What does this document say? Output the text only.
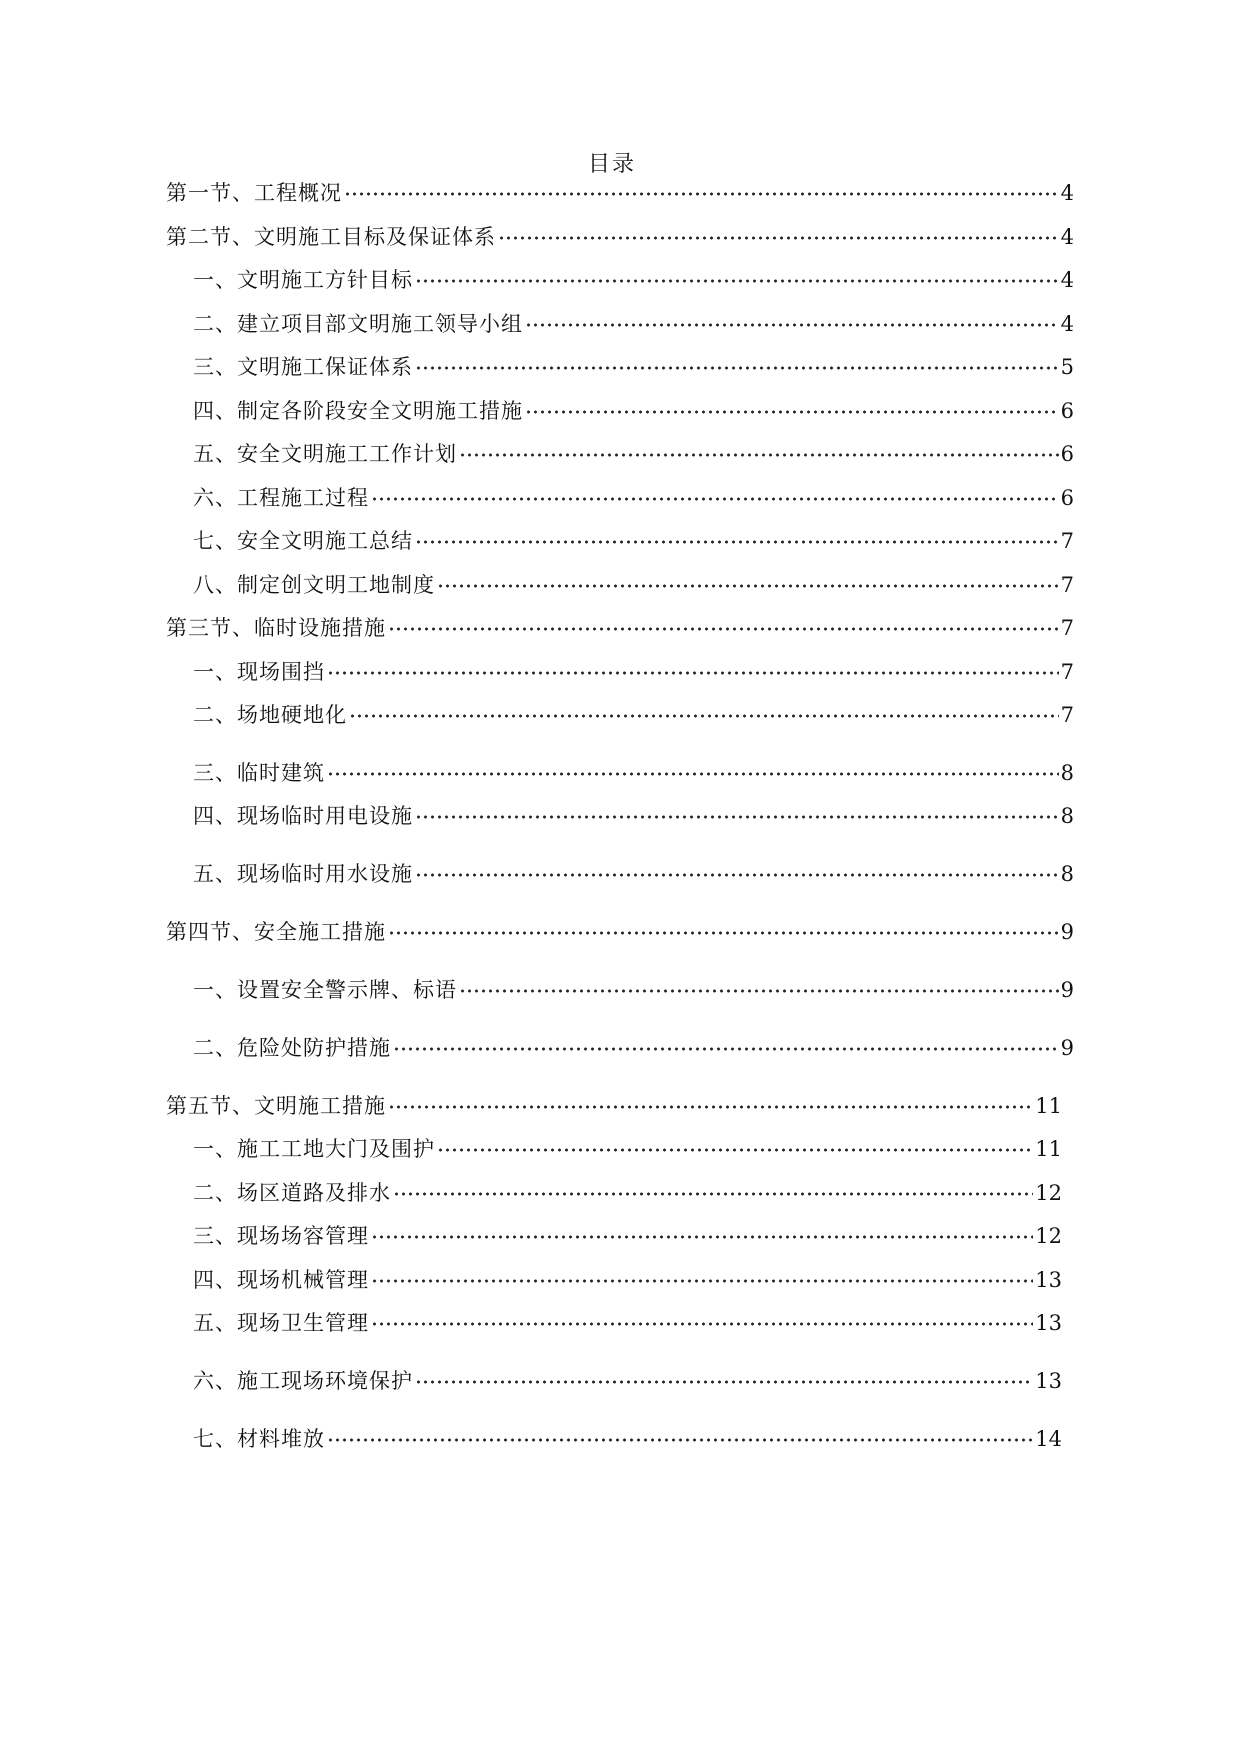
目录
第一节、工程概况	4
第二节、文明施工目标及保证体系	4
一、文明施工方针目标	4
二、建立项目部文明施工领导小组	4
三、文明施工保证体系	5
四、制定各阶段安全文明施工措施	6
五、安全文明施工工作计划	6
六、工程施工过程	6
七、安全文明施工总结	7
八、制定创文明工地制度	7
第三节、临时设施措施	7
一、现场围挡	7
二、场地硬地化	7
三、临时建筑	8
四、现场临时用电设施	8
五、现场临时用水设施	8
第四节、安全施工措施	9
一、设置安全警示牌、标语	9
二、危险处防护措施	9
第五节、文明施工措施	11
一、施工工地大门及围护	11
二、场区道路及排水	12
三、现场场容管理	12
四、现场机械管理	13
五、现场卫生管理	13
六、施工现场环境保护	13
七、材料堆放	14
